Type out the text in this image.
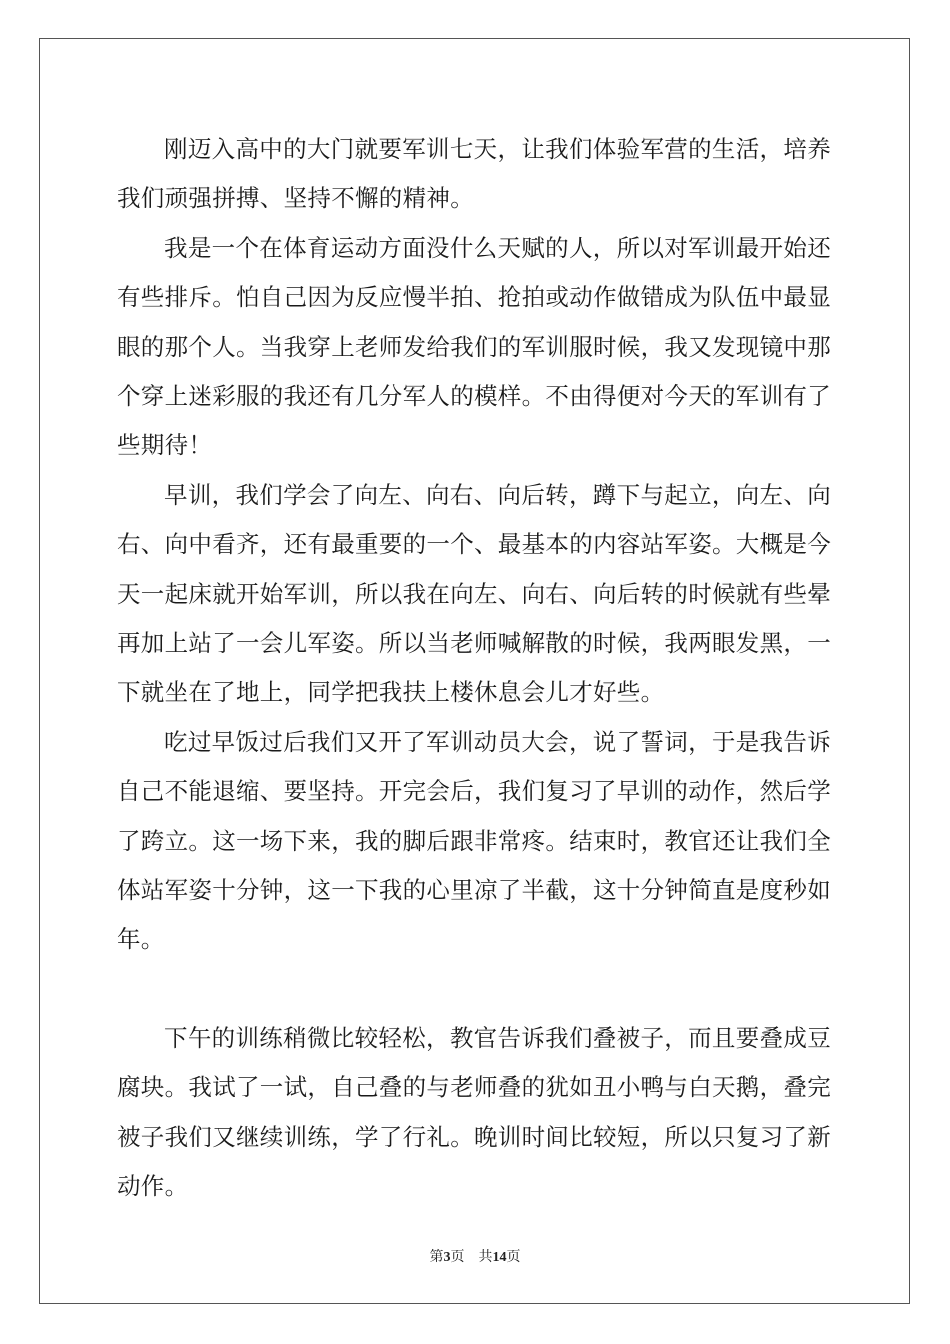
刚迈入高中的大门就要军训七天，让我们体验军营的生活，培养我们顽强拼搏、坚持不懈的精神。

我是一个在体育运动方面没什么天赋的人，所以对军训最开始还有些排斥。怕自己因为反应慢半拍、抢拍或动作做错成为队伍中最显眼的那个人。当我穿上老师发给我们的军训服时候，我又发现镜中那个穿上迷彩服的我还有几分军人的模样。不由得便对今天的军训有了些期待！

早训，我们学会了向左、向右、向后转，蹲下与起立，向左、向右、向中看齐，还有最重要的一个、最基本的内容站军姿。大概是今天一起床就开始军训，所以我在向左、向右、向后转的时候就有些晕再加上站了一会儿军姿。所以当老师喊解散的时候，我两眼发黑，一下就坐在了地上，同学把我扶上楼休息会儿才好些。

吃过早饭过后我们又开了军训动员大会，说了誓词，于是我告诉自己不能退缩、要坚持。开完会后，我们复习了早训的动作，然后学了跨立。这一场下来，我的脚后跟非常疼。结束时，教官还让我们全体站军姿十分钟，这一下我的心里凉了半截，这十分钟简直是度秒如年。

下午的训练稍微比较轻松，教官告诉我们叠被子，而且要叠成豆腐块。我试了一试，自己叠的与老师叠的犹如丑小鸭与白天鹅，叠完被子我们又继续训练，学了行礼。晚训时间比较短，所以只复习了新动作。

第3页 共14页
